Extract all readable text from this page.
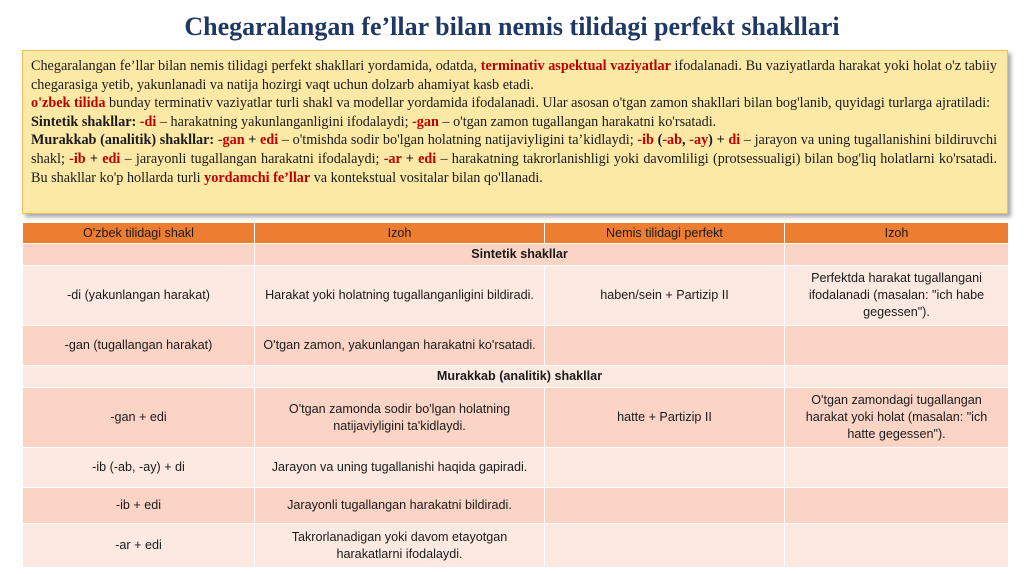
Chegaralangan fe’llar bilan nemis tilidagi perfekt shakllari
Chegaralangan fe’llar bilan nemis tilidagi perfekt shakllari yordamida, odatda, terminativ aspektual vaziyatlar ifodalanadi. Bu vaziyatlarda harakat yoki holat o'z tabiiy chegarasiga yetib, yakunlanadi va natija hozirgi vaqt uchun dolzarb ahamiyat kasb etadi.
o'zbek tilida bunday terminativ vaziyatlar turli shakl va modellar yordamida ifodalanadi. Ular asosan o'tgan zamon shakllari bilan bog'lanib, quyidagi turlarga ajratiladi:
Sintetik shakllar: -di – harakatning yakunlanganligini ifodalaydi; -gan – o'tgan zamon tugallangan harakatni ko'rsatadi.
Murakkab (analitik) shakllar: -gan + edi – o'tmishda sodir bo'lgan holatning natijaviyligini ta’kidlaydi; -ib (-ab, -ay) + di – jarayon va uning tugallanishini bildiruvchi shakl; -ib + edi – jarayonli tugallangan harakatni ifodalaydi; -ar + edi – harakatning takrorlanishligi yoki davomliligi (protsessualigi) bilan bog'liq holatlarni ko'rsatadi. Bu shakllar ko'p hollarda turli yordamchi fe’llar va kontekstual vositalar bilan qo'llanadi.
O'zbek tilidagi shakl	Izoh	Nemis tilidagi perfekt	Izoh
	Sintetik shakllar		
-di (yakunlangan harakat)	Harakat yoki holatning tugallanganligini bildiradi.	haben/sein + Partizip II	Perfektda harakat tugallangani ifodalanadi (masalan: "ich habe gegessen").
-gan (tugallangan harakat)	O'tgan zamon, yakunlangan harakatni ko'rsatadi.		
	Murakkab (analitik) shakllar		
-gan + edi	O'tgan zamonda sodir bo'lgan holatning natijaviyligini ta'kidlaydi.	hatte + Partizip II	O'tgan zamondagi tugallangan harakat yoki holat (masalan: "ich hatte gegessen").
-ib (-ab, -ay) + di	Jarayon va uning tugallanishi haqida gapiradi.		
-ib + edi	Jarayonli tugallangan harakatni bildiradi.		
-ar + edi	Takrorlanadigan yoki davom etayotgan harakatlarni ifodalaydi.		
